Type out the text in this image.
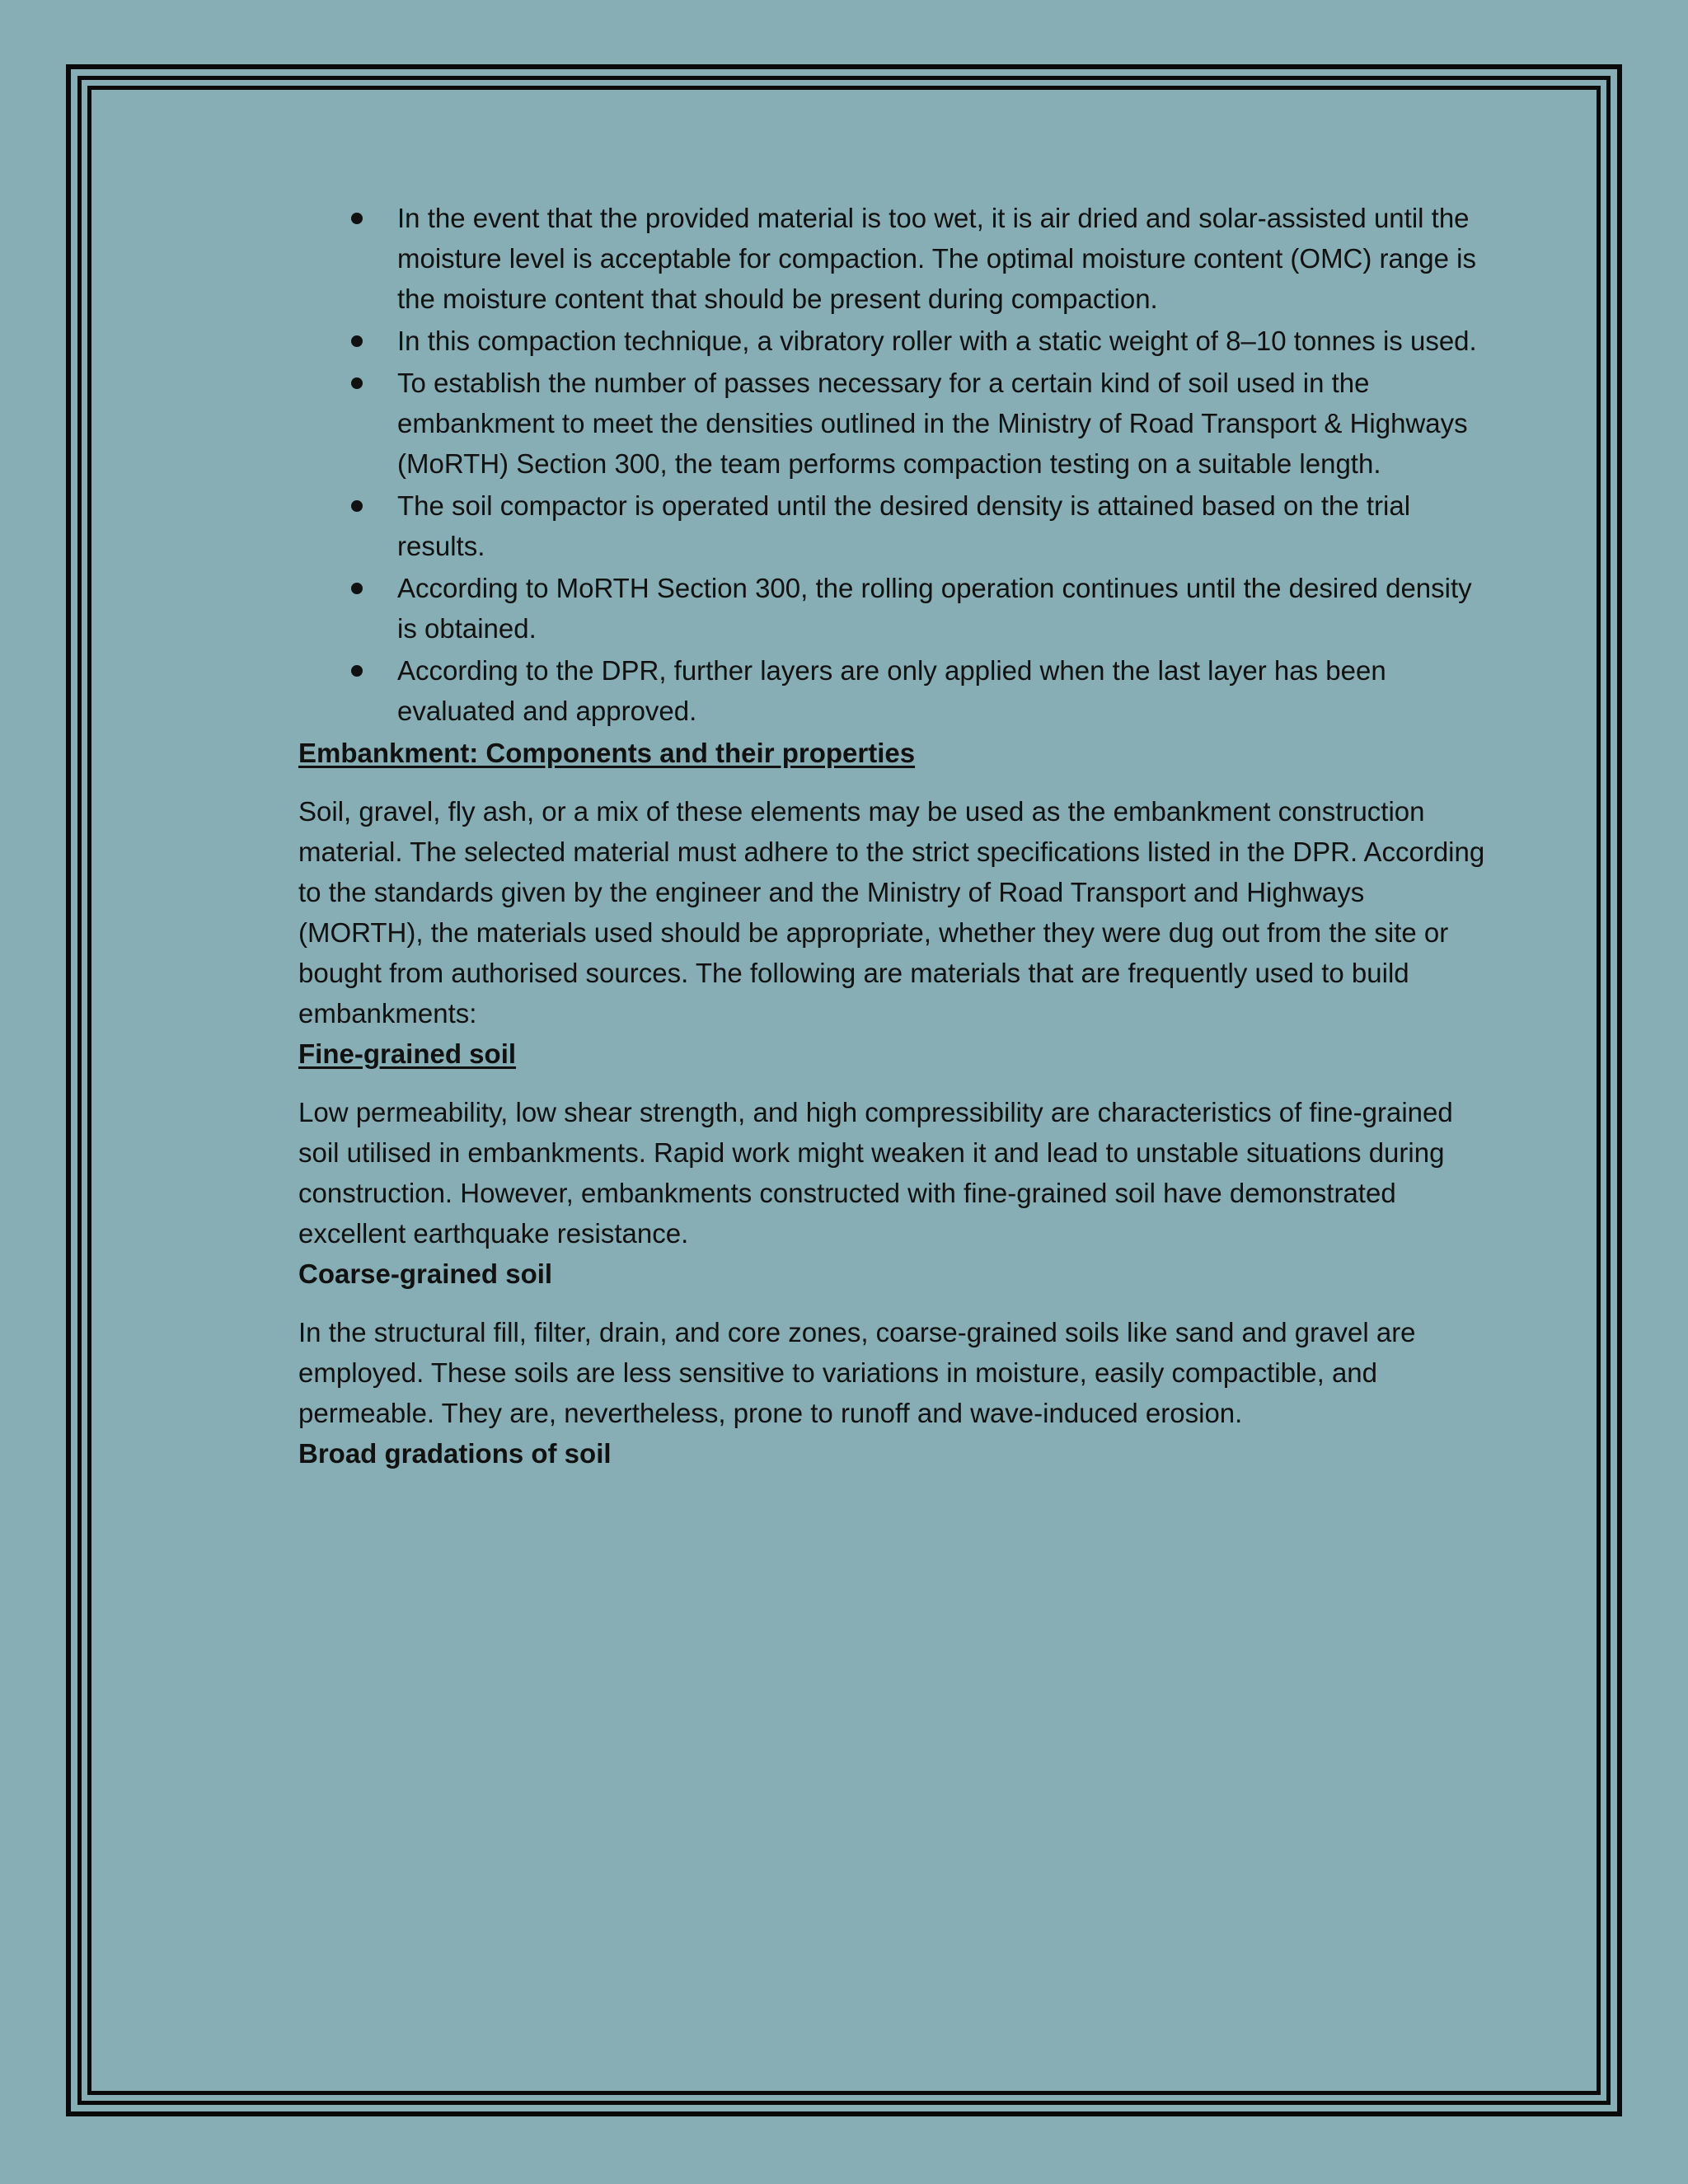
In the event that the provided material is too wet, it is air dried and solar-assisted until the moisture level is acceptable for compaction. The optimal moisture content (OMC) range is the moisture content that should be present during compaction.
In this compaction technique, a vibratory roller with a static weight of 8–10 tonnes is used.
To establish the number of passes necessary for a certain kind of soil used in the embankment to meet the densities outlined in the Ministry of Road Transport & Highways (MoRTH) Section 300, the team performs compaction testing on a suitable length.
The soil compactor is operated until the desired density is attained based on the trial results.
According to MoRTH Section 300, the rolling operation continues until the desired density is obtained.
According to the DPR, further layers are only applied when the last layer has been evaluated and approved.
Embankment: Components and their properties

Soil, gravel, fly ash, or a mix of these elements may be used as the embankment construction material. The selected material must adhere to the strict specifications listed in the DPR. According to the standards given by the engineer and the Ministry of Road Transport and Highways (MORTH), the materials used should be appropriate, whether they were dug out from the site or bought from authorised sources. The following are materials that are frequently used to build embankments:

Fine-grained soil

Low permeability, low shear strength, and high compressibility are characteristics of fine-grained soil utilised in embankments. Rapid work might weaken it and lead to unstable situations during construction. However, embankments constructed with fine-grained soil have demonstrated excellent earthquake resistance.

Coarse-grained soil

In the structural fill, filter, drain, and core zones, coarse-grained soils like sand and gravel are employed. These soils are less sensitive to variations in moisture, easily compactible, and permeable. They are, nevertheless, prone to runoff and wave-induced erosion.

Broad gradations of soil
